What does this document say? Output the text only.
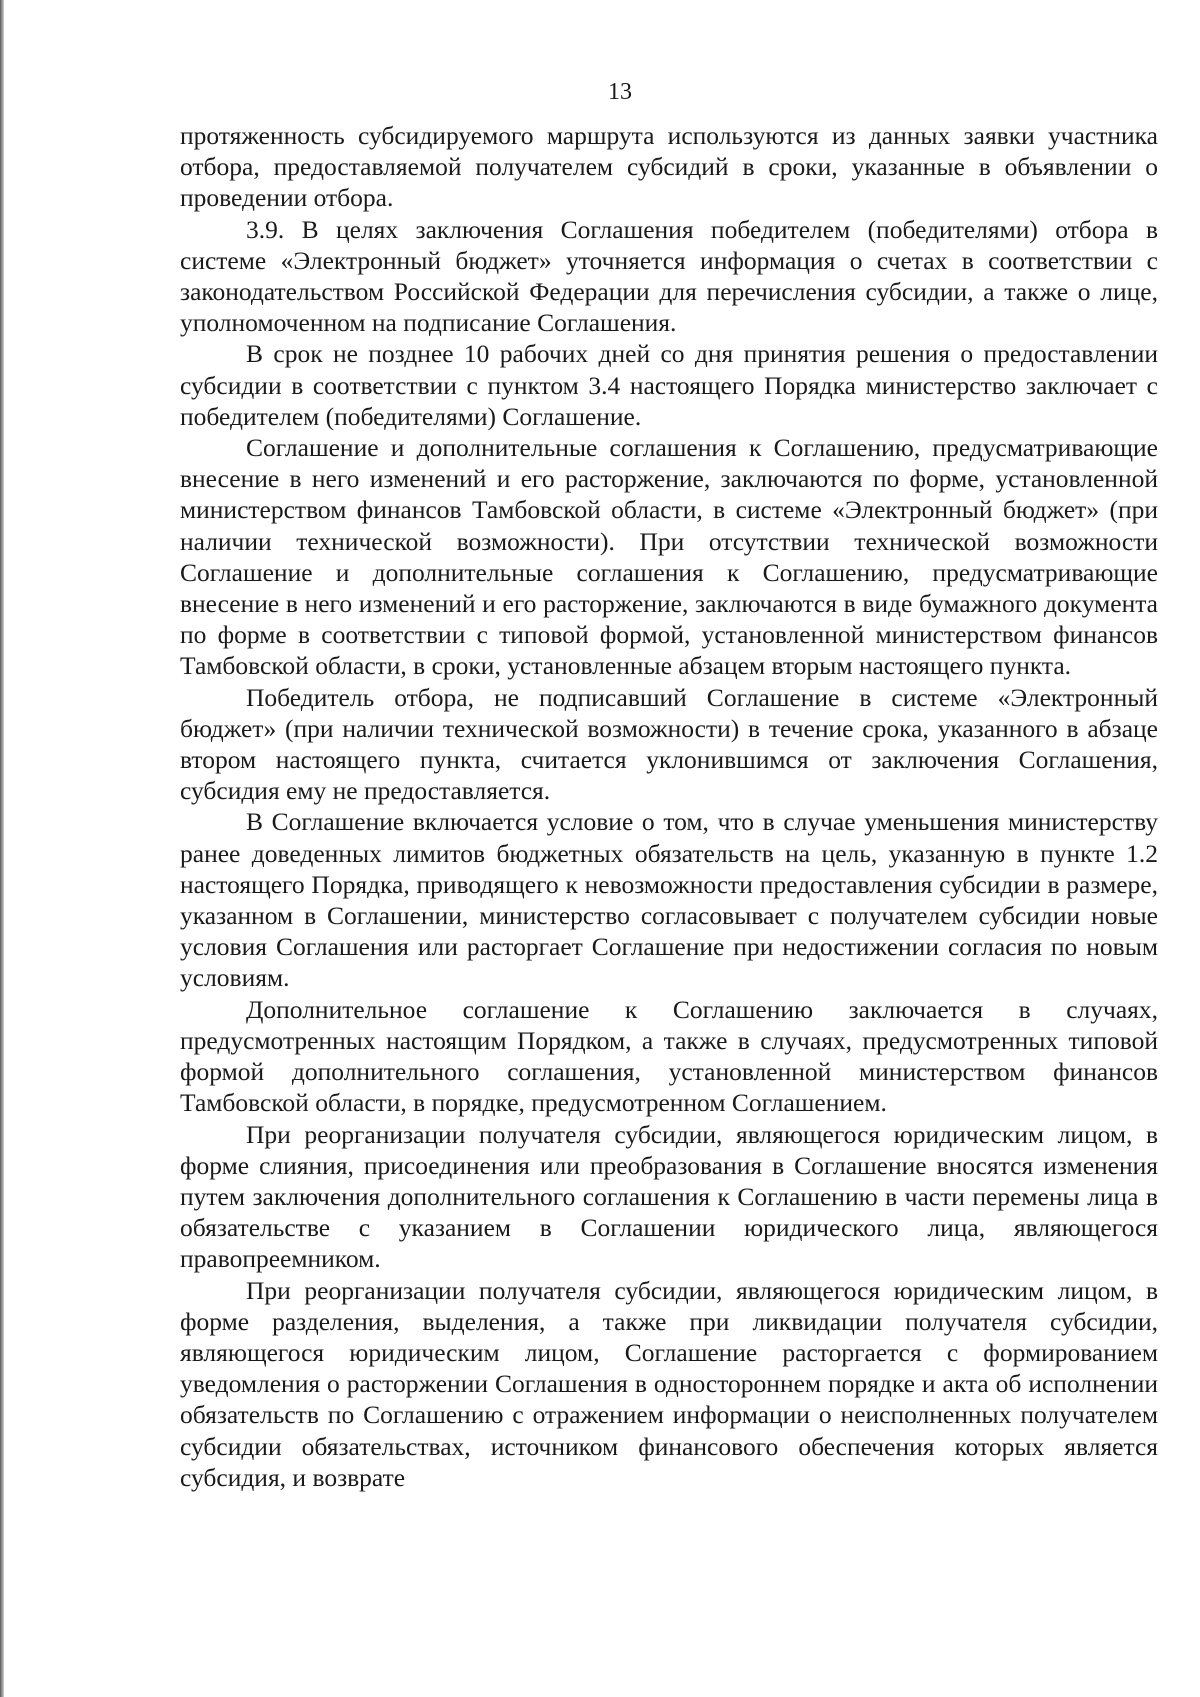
13

протяженность субсидируемого маршрута используются из данных заявки участника отбора, предоставляемой получателем субсидий в сроки, указанные в объявлении о проведении отбора.

3.9. В целях заключения Соглашения победителем (победителями) отбора в системе «Электронный бюджет» уточняется информация о счетах в соответствии с законодательством Российской Федерации для перечисления субсидии, а также о лице, уполномоченном на подписание Соглашения.

В срок не позднее 10 рабочих дней со дня принятия решения о предоставлении субсидии в соответствии с пунктом 3.4 настоящего Порядка министерство заключает с победителем (победителями) Соглашение.

Соглашение и дополнительные соглашения к Соглашению, предусматривающие внесение в него изменений и его расторжение, заключаются по форме, установленной министерством финансов Тамбовской области, в системе «Электронный бюджет» (при наличии технической возможности). При отсутствии технической возможности Соглашение и дополнительные соглашения к Соглашению, предусматривающие внесение в него изменений и его расторжение, заключаются в виде бумажного документа по форме в соответствии с типовой формой, установленной министерством финансов Тамбовской области, в сроки, установленные абзацем вторым настоящего пункта.

Победитель отбора, не подписавший Соглашение в системе «Электронный бюджет» (при наличии технической возможности) в течение срока, указанного в абзаце втором настоящего пункта, считается уклонившимся от заключения Соглашения, субсидия ему не предоставляется.

В Соглашение включается условие о том, что в случае уменьшения министерству ранее доведенных лимитов бюджетных обязательств на цель, указанную в пункте 1.2 настоящего Порядка, приводящего к невозможности предоставления субсидии в размере, указанном в Соглашении, министерство согласовывает с получателем субсидии новые условия Соглашения или расторгает Соглашение при недостижении согласия по новым условиям.

Дополнительное соглашение к Соглашению заключается в случаях, предусмотренных настоящим Порядком, а также в случаях, предусмотренных типовой формой дополнительного соглашения, установленной министерством финансов Тамбовской области, в порядке, предусмотренном Соглашением.

При реорганизации получателя субсидии, являющегося юридическим лицом, в форме слияния, присоединения или преобразования в Соглашение вносятся изменения путем заключения дополнительного соглашения к Соглашению в части перемены лица в обязательстве с указанием в Соглашении юридического лица, являющегося правопреемником.

При реорганизации получателя субсидии, являющегося юридическим лицом, в форме разделения, выделения, а также при ликвидации получателя субсидии, являющегося юридическим лицом, Соглашение расторгается с формированием уведомления о расторжении Соглашения в одностороннем порядке и акта об исполнении обязательств по Соглашению с отражением информации о неисполненных получателем субсидии обязательствах, источником финансового обеспечения которых является субсидия, и возврате
